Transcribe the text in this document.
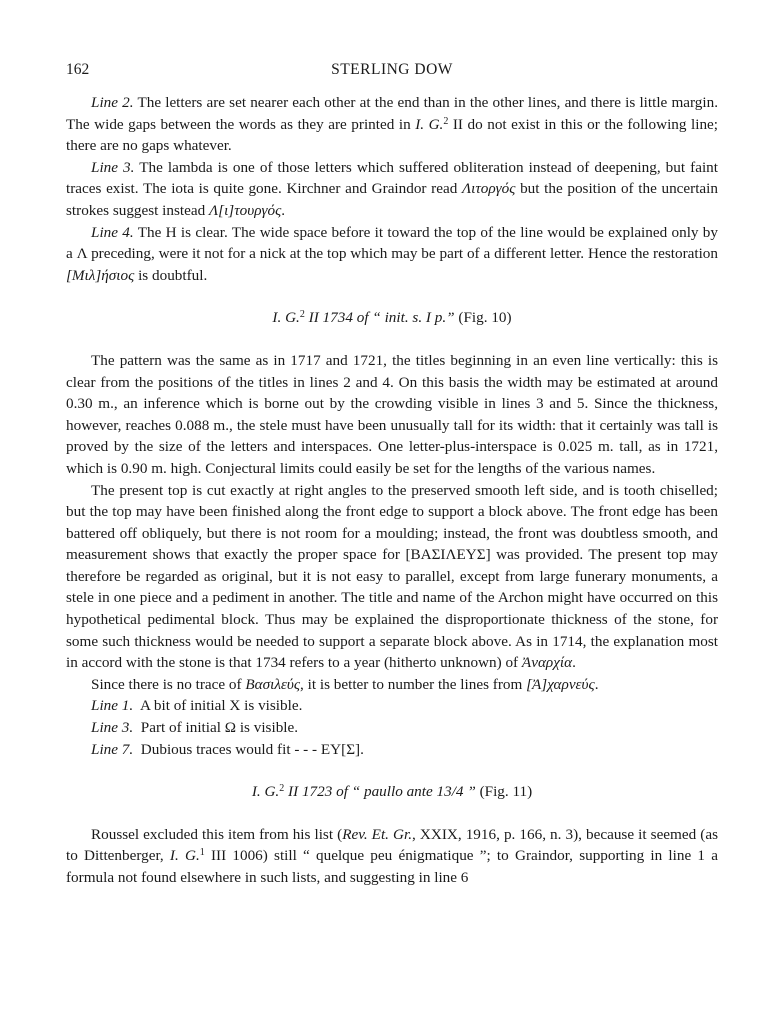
162	STERLING DOW

Line 2. The letters are set nearer each other at the end than in the other lines, and there is little margin. The wide gaps between the words as they are printed in I. G.$^2$ II do not exist in this or the following line; there are no gaps whatever.

Line 3. The lambda is one of those letters which suffered obliteration instead of deepening, but faint traces exist. The iota is quite gone. Kirchner and Graindor read Λιτοργός but the position of the uncertain strokes suggest instead Λ[ι]τουργός.

Line 4. The Η is clear. The wide space before it toward the top of the line would be explained only by a Λ preceding, were it not for a nick at the top which may be part of a different letter. Hence the restoration [Μιλ]ήσιος is doubtful.

I. G.$^2$ II 1734 of “ init. s. I p.” (Fig. 10)

The pattern was the same as in 1717 and 1721, the titles beginning in an even line vertically: this is clear from the positions of the titles in lines 2 and 4. On this basis the width may be estimated at around 0.30 m., an inference which is borne out by the crowding visible in lines 3 and 5. Since the thickness, however, reaches 0.088 m., the stele must have been unusually tall for its width: that it certainly was tall is proved by the size of the letters and interspaces. One letter-plus-interspace is 0.025 m. tall, as in 1721, which is 0.90 m. high. Conjectural limits could easily be set for the lengths of the various names.

The present top is cut exactly at right angles to the preserved smooth left side, and is tooth chiselled; but the top may have been finished along the front edge to support a block above. The front edge has been battered off obliquely, but there is not room for a moulding; instead, the front was doubtless smooth, and measurement shows that exactly the proper space for [ΒΑΣΙΛΕΥΣ] was provided. The present top may therefore be regarded as original, but it is not easy to parallel, except from large funerary monuments, a stele in one piece and a pediment in another. The title and name of the Archon might have occurred on this hypothetical pedimental block. Thus may be explained the disproportionate thickness of the stone, for some such thickness would be needed to support a separate block above. As in 1714, the explanation most in accord with the stone is that 1734 refers to a year (hitherto unknown) of Ἀναρχία.

Since there is no trace of Βασιλεύς, it is better to number the lines from [Ἀ]χαρνεύς.

Line 1.  A bit of initial X is visible.

Line 3.  Part of initial Ω is visible.

Line 7.  Dubious traces would fit - - - ΕΥ[Σ].

I. G.$^2$ II 1723 of “ paullo ante 13/4 ” (Fig. 11)

Roussel excluded this item from his list (Rev. Et. Gr., XXIX, 1916, p. 166, n. 3), because it seemed (as to Dittenberger, I. G.$^1$ III 1006) still “ quelque peu énigmatique ”; to Graindor, supporting in line 1 a formula not found elsewhere in such lists, and suggesting in line 6
